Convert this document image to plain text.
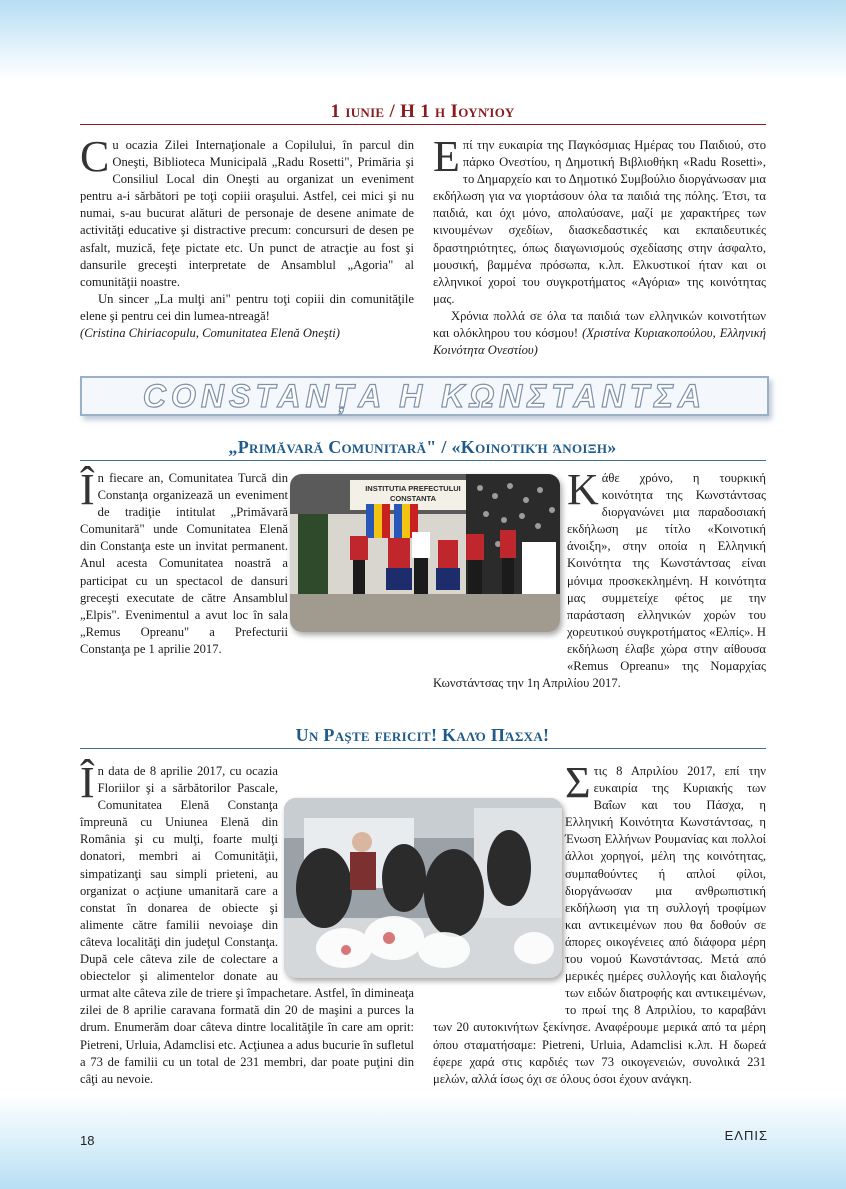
1 iunie / Η 1 η Ιουνίου

Cu ocazia Zilei Internaţionale a Copilului, în parcul din Oneşti, Biblioteca Municipală „Radu Rosetti", Primăria şi Consiliul Local din Oneşti au organizat un eveniment pentru a-i sărbători pe toţi copiii oraşului. Astfel, cei mici şi nu numai, s-au bucurat alături de personaje de desene animate de activităţi educative şi distractive precum: concursuri de desen pe asfalt, muzică, feţe pictate etc. Un punct de atracţie au fost şi dansurile greceşti interpretate de Ansamblul „Agoria" al comunităţii noastre.

Un sincer „La mulţi ani" pentru toţi copiii din comunităţile elene şi pentru cei din lumea-ntreagă!

(Cristina Chiriacopulu, Comunitatea Elenă Oneşti)

Επί την ευκαιρία της Παγκόσμιας Ημέρας του Παιδιού, στο πάρκο Ονεστίου, η Δημοτική Βιβλιοθήκη «Radu Rosetti», το Δημαρχείο και το Δημοτικό Συμβούλιο διοργάνωσαν μια εκδήλωση για να γιορτάσουν όλα τα παιδιά της πόλης. Έτσι, τα παιδιά, και όχι μόνο, απολαύσανε, μαζί με χαρακτήρες των κινουμένων σχεδίων, διασκεδαστικές και εκπαιδευτικές δραστηριότητες, όπως διαγωνισμούς σχεδίασης στην άσφαλτο, μουσική, βαμμένα πρόσωπα, κ.λπ. Ελκυστικοί ήταν και οι ελληνικοί χοροί του συγκροτήματος «Αγόρια» της κοινότητας μας.

Χρόνια πολλά σε όλα τα παιδιά των ελληνικών κοινοτήτων και ολόκληρου του κόσμου! (Χριστίνα Κυριακοπούλου, Ελληνική Κοινότητα Ονεστίου)

CONSTANȚA Η ΚΩΝΣΤΑΝΤΣΑ
„Primăvară Comunitară" / «Κοινοτική άνοιξη»

În fiecare an, Comunitatea Turcă din Constanţa organizează un eveniment de tradiţie intitulat „Primăvară Comunitară" unde Comunitatea Elenă din Constanţa este un invitat permanent. Anul acesta Comunitatea noastră a participat cu un spectacol de dansuri greceşti executate de către Ansamblul „Elpis". Evenimentul a avut loc în sala „Remus Opreanu" a Prefecturii Constanţa pe 1 aprilie 2017.

Κάθε χρόνο, η τουρκική κοινότητα της Κωνστάντσας διοργανώνει μια παραδοσιακή εκδήλωση με τίτλο «Κοινοτική άνοιξη», στην οποία η Ελληνική Κοινότητα της Κωνστάντσας είναι μόνιμα προσκεκλημένη. Η κοινότητα μας συμμετείχε φέτος με την παράσταση ελληνικών χορών του χορευτικού συγκροτήματος «Ελπίς». Η εκδήλωση έλαβε χώρα στην αίθουσα «Remus Opreanu» της Νομαρχίας Κωνστάντσας την 1η Απριλίου 2017.

INSTITUTIA PREFECTULUI CONSTANTA
Un Paşte fericit! Καλό Πάσχα!

În data de 8 aprilie 2017, cu ocazia Floriilor şi a sărbătorilor Pascale, Comunitatea Elenă Constanţa împreună cu Uniunea Elenă din România şi cu mulţi, foarte mulţi donatori, membri ai Comunităţii, simpatizanţi sau simpli prieteni, au organizat o acţiune umanitară care a constat în donarea de obiecte şi alimente către familii nevoiaşe din câteva localităţi din judeţul Constanţa. După cele câteva zile de colectare a obiectelor şi alimentelor donate au urmat alte câteva zile de triere şi împachetare. Astfel, în dimineaţa zilei de 8 aprilie caravana formată din 20 de maşini a purces la drum. Enumerăm doar câteva dintre localităţile în care am oprit: Pietreni, Urluia, Adamclisi etc. Acţiunea a adus bucurie în sufletul a 73 de familii cu un total de 231 membri, dar poate puţini din câţi au nevoie.

Στις 8 Απριλίου 2017, επί την ευκαιρία της Κυριακής των Βαΐων και του Πάσχα, η Ελληνική Κοινότητα Κωνστάντσας, η Ένωση Ελλήνων Ρουμανίας και πολλοί άλλοι χορηγοί, μέλη της κοινότητας, συμπαθούντες ή απλοί φίλοι, διοργάνωσαν μια ανθρωπιστική εκδήλωση για τη συλλογή τροφίμων και αντικειμένων που θα δοθούν σε άπορες οικογένειες από διάφορα μέρη του νομού Κωνστάντσας. Μετά από μερικές ημέρες συλλογής και διαλογής των ειδών διατροφής και αντικειμένων, το πρωί της 8 Απριλίου, το καραβάνι των 20 αυτοκινήτων ξεκίνησε. Αναφέρουμε μερικά από τα μέρη όπου σταματήσαμε: Pietreni, Urluia, Adamclisi κ.λπ. Η δωρεά έφερε χαρά στις καρδιές των 73 οικογενειών, συνολικά 231 μελών, αλλά ίσως όχι σε όλους όσοι έχουν ανάγκη.

18	ΕΛΠΙΣ
